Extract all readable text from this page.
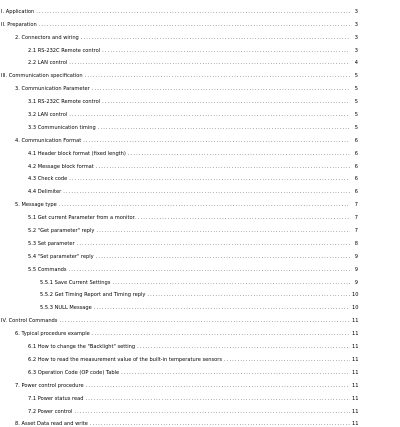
I. Application .....	3
II. Preparation .....	3
2. Connectors and wiring .....	3
2.1 RS-232C Remote control .....	3
2.2 LAN control .....	4
III. Communication specification .....	5
3. Communication Parameter .....	5
3.1 RS-232C Remote control .....	5
3.2 LAN control .....	5
3.3 Communication timing .....	5
4. Communication Format .....	6
4.1 Header block format (fixed length) .....	6
4.2 Message block format .....	6
4.3 Check code .....	6
4.4 Delimiter .....	6
5. Message type .....	7
5.1 Get current Parameter from a monitor. .....	7
5.2 "Get parameter" reply .....	7
5.3 Set parameter .....	8
5.4 "Set parameter" reply .....	9
5.5 Commands .....	9
5.5.1 Save Current Settings .....	9
5.5.2 Get Timing Report and Timing reply .....	10
5.5.3 NULL Message .....	10
IV. Control Commands .....	11
6. Typical procedure example .....	11
6.1 How to change the "Backlight" setting .....	11
6.2 How to read the measurement value of the built-in temperature sensors .....	11
6.3 Operation Code (OP code) Table .....	11
7. Power control procedure .....	11
7.1 Power status read .....	11
7.2 Power control .....	11
8. Asset Data read and write .....	11
